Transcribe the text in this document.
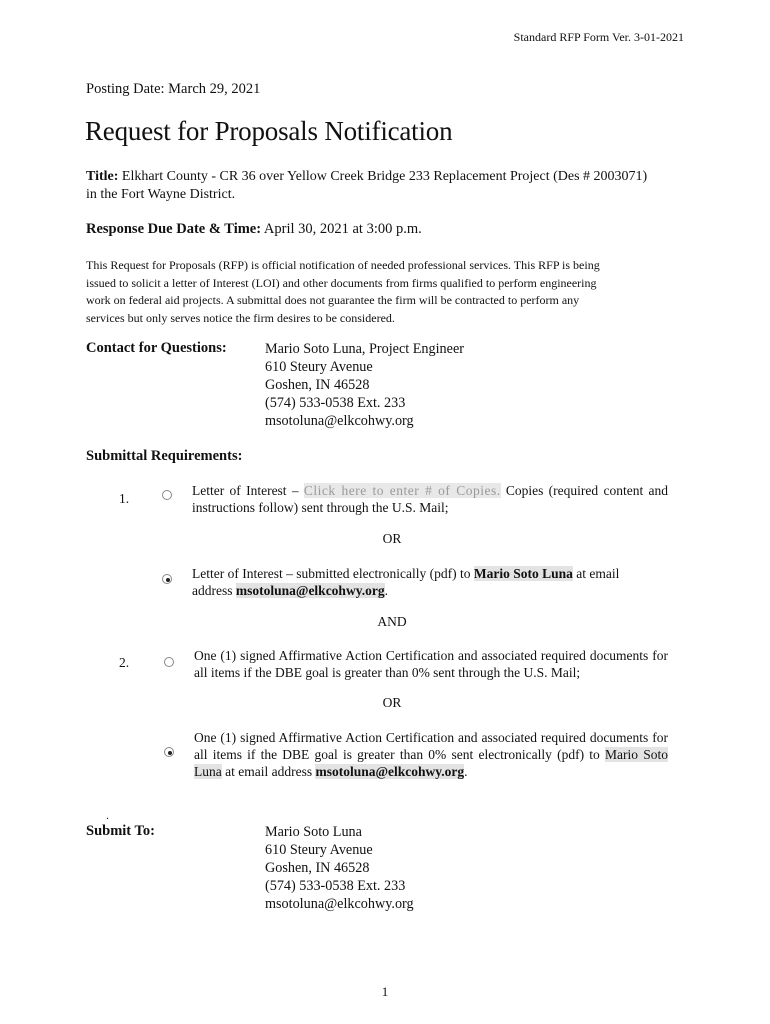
Standard RFP Form Ver. 3-01-2021
Posting Date: March 29, 2021
Request for Proposals Notification
Title: Elkhart County - CR 36 over Yellow Creek Bridge 233 Replacement Project (Des # 2003071)
in the Fort Wayne District.
Response Due Date & Time: April 30, 2021 at 3:00 p.m.
This Request for Proposals (RFP) is official notification of needed professional services. This RFP is being
issued to solicit a letter of Interest (LOI) and other documents from firms qualified to perform engineering
work on federal aid projects. A submittal does not guarantee the firm will be contracted to perform any
services but only serves notice the firm desires to be considered.
Contact for Questions:	Mario Soto Luna, Project Engineer
610 Steury Avenue
Goshen, IN 46528
(574) 533-0538 Ext. 233
msotoluna@elkcohwy.org
Submittal Requirements:
1.
Letter of Interest – Click here to enter # of Copies. Copies (required content and instructions follow) sent through the U.S. Mail;
OR
Letter of Interest – submitted electronically (pdf) to Mario Soto Luna at email address msotoluna@elkcohwy.org.
AND
2.	One (1) signed Affirmative Action Certification and associated required documents for all items if the DBE goal is greater than 0% sent through the U.S. Mail;
OR
One (1) signed Affirmative Action Certification and associated required documents for all items if the DBE goal is greater than 0% sent electronically (pdf) to Mario Soto Luna at email address msotoluna@elkcohwy.org.
.
Submit To:	Mario Soto Luna
610 Steury Avenue
Goshen, IN 46528
(574) 533-0538 Ext. 233
msotoluna@elkcohwy.org
1
